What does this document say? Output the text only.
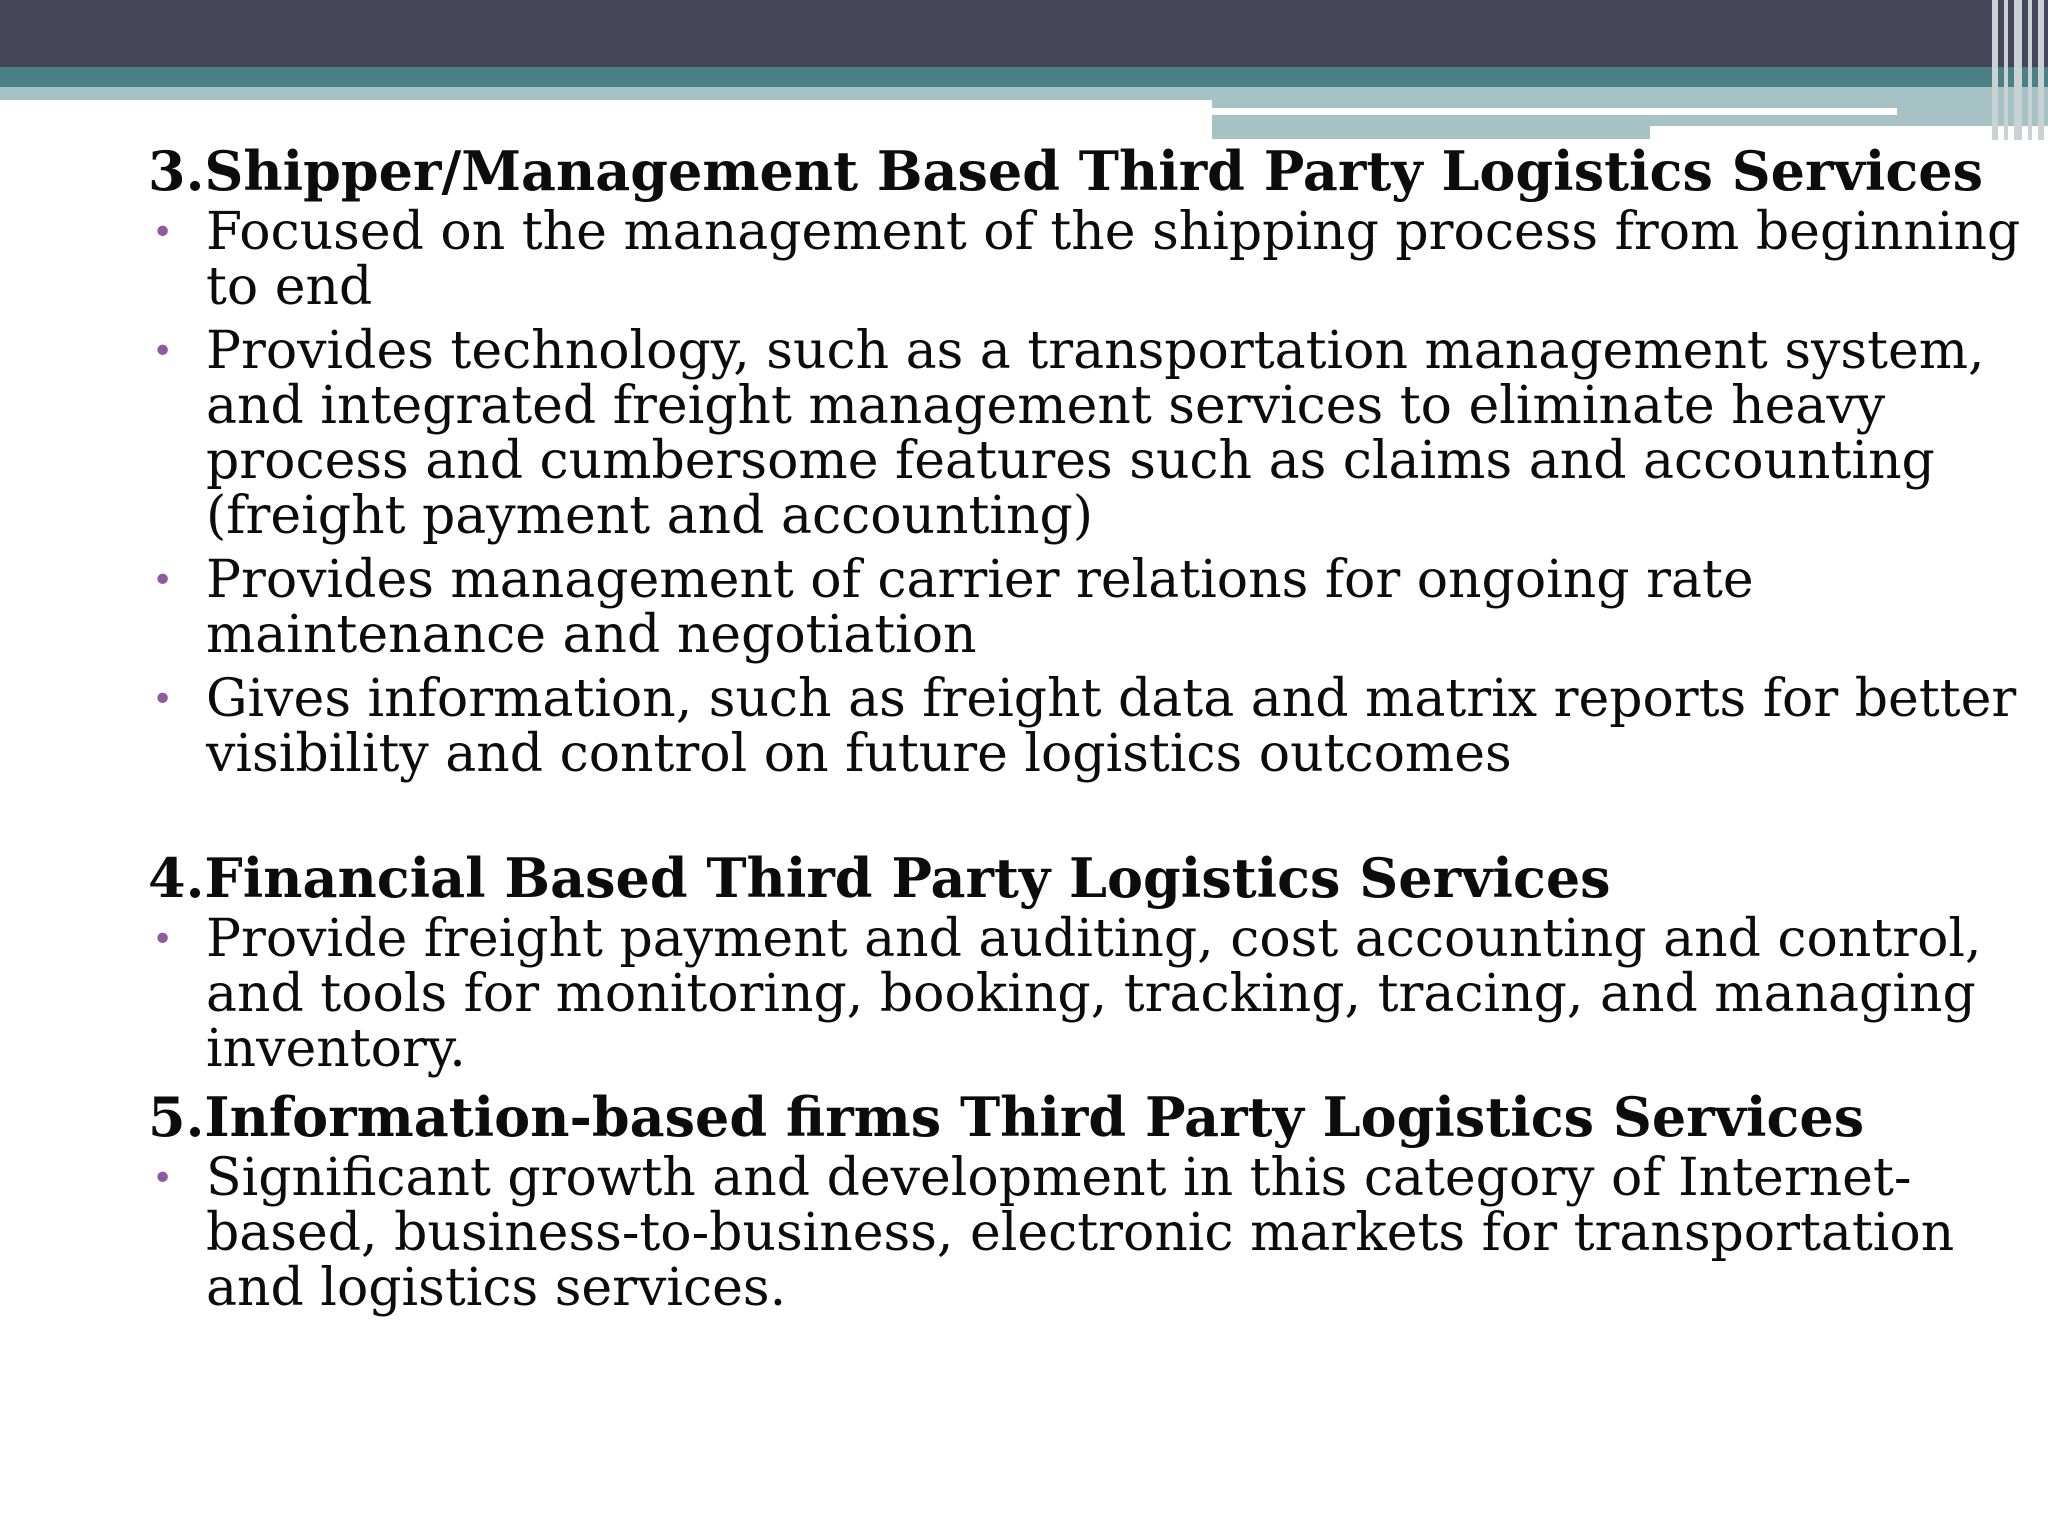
3.Shipper/Management Based Third Party Logistics Services
• Focused on the management of the shipping process from beginning
to end
• Provides technology, such as a transportation management system,
and integrated freight management services to eliminate heavy
process and cumbersome features such as claims and accounting
(freight payment and accounting)
• Provides management of carrier relations for ongoing rate
maintenance and negotiation
• Gives information, such as freight data and matrix reports for better
visibility and control on future logistics outcomes
4.Financial Based Third Party Logistics Services
• Provide freight payment and auditing, cost accounting and control,
and tools for monitoring, booking, tracking, tracing, and managing
inventory.
5.Information-based firms Third Party Logistics Services
• Significant growth and development in this category of Internet-
based, business-to-business, electronic markets for transportation
and logistics services.
